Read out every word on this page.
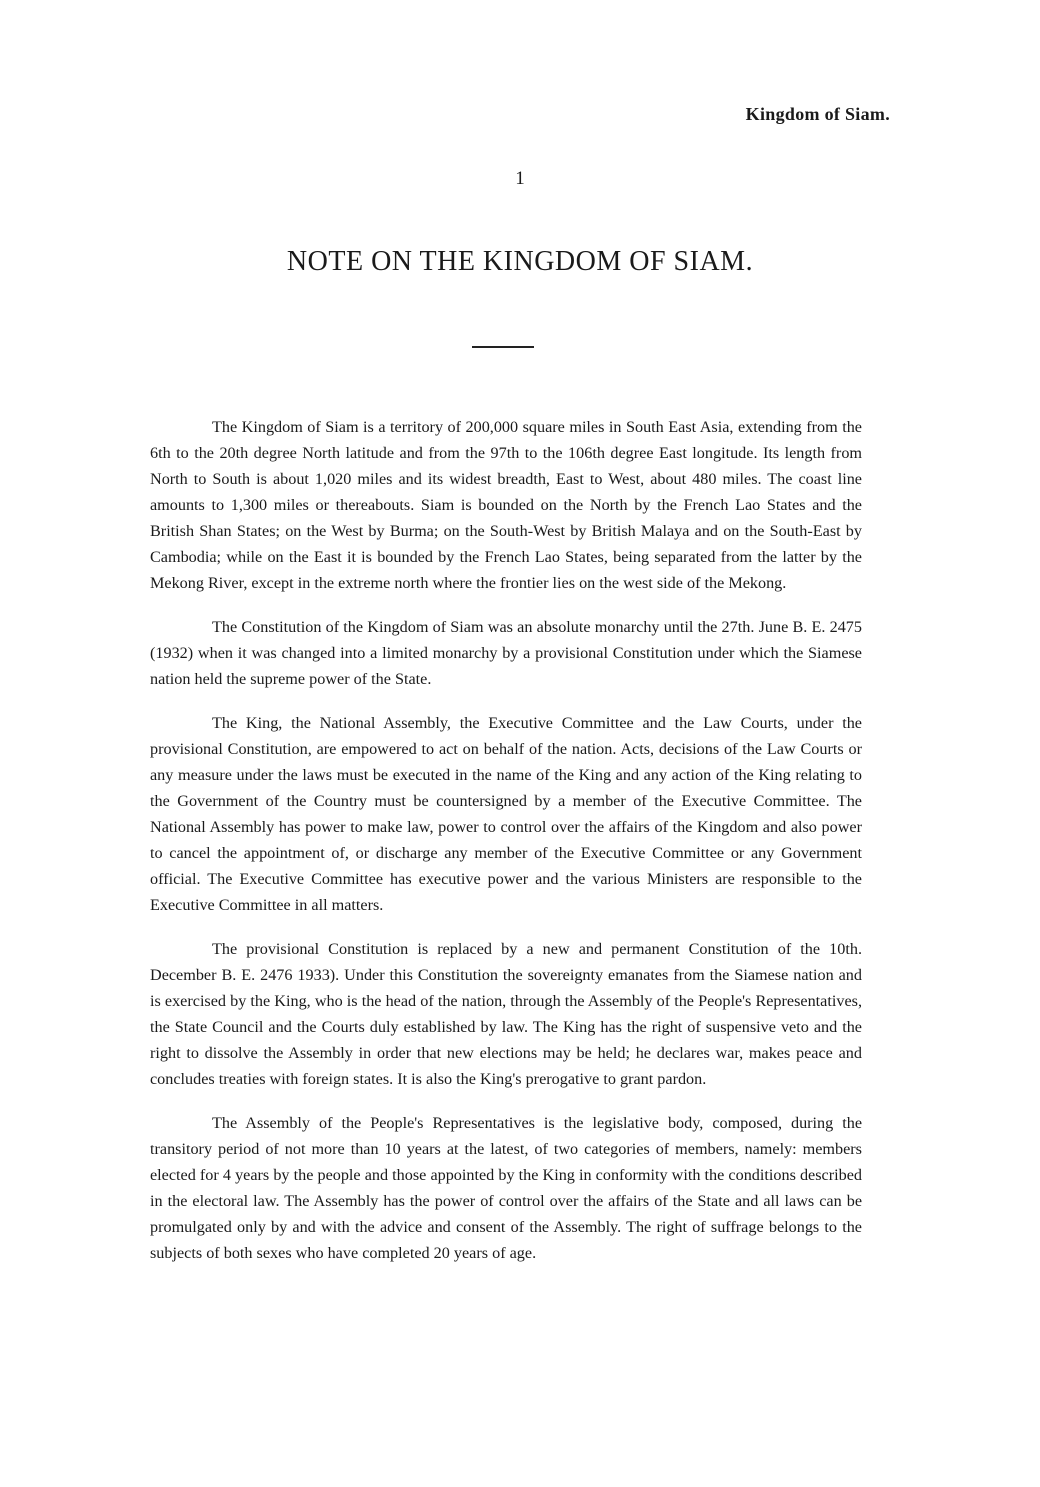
Kingdom of Siam.

1

NOTE ON THE KINGDOM OF SIAM.

The Kingdom of Siam is a territory of 200,000 square miles in South East Asia, extending from the 6th to the 20th degree North latitude and from the 97th to the 106th degree East longitude. Its length from North to South is about 1,020 miles and its widest breadth, East to West, about 480 miles. The coast line amounts to 1,300 miles or thereabouts. Siam is bounded on the North by the French Lao States and the British Shan States; on the West by Burma; on the South-West by British Malaya and on the South-East by Cambodia; while on the East it is bounded by the French Lao States, being separated from the latter by the Mekong River, except in the extreme north where the frontier lies on the west side of the Mekong.

The Constitution of the Kingdom of Siam was an absolute monarchy until the 27th. June B. E. 2475 (1932) when it was changed into a limited monarchy by a provisional Constitution under which the Siamese nation held the supreme power of the State.

The King, the National Assembly, the Executive Committee and the Law Courts, under the provisional Constitution, are empowered to act on behalf of the nation. Acts, decisions of the Law Courts or any measure under the laws must be executed in the name of the King and any action of the King relating to the Government of the Country must be countersigned by a member of the Executive Committee. The National Assembly has power to make law, power to control over the affairs of the Kingdom and also power to cancel the appointment of, or discharge any member of the Executive Committee or any Government official. The Executive Committee has executive power and the various Ministers are responsible to the Executive Committee in all matters.

The provisional Constitution is replaced by a new and permanent Constitution of the 10th. December B. E. 2476 1933). Under this Constitution the sovereignty emanates from the Siamese nation and is exercised by the King, who is the head of the nation, through the Assembly of the People's Representatives, the State Council and the Courts duly established by law. The King has the right of suspensive veto and the right to dissolve the Assembly in order that new elections may be held; he declares war, makes peace and concludes treaties with foreign states. It is also the King's prerogative to grant pardon.

The Assembly of the People's Representatives is the legislative body, composed, during the transitory period of not more than 10 years at the latest, of two categories of members, namely: members elected for 4 years by the people and those appointed by the King in conformity with the conditions described in the electoral law. The Assembly has the power of control over the affairs of the State and all laws can be promulgated only by and with the advice and consent of the Assembly. The right of suffrage belongs to the subjects of both sexes who have completed 20 years of age.
